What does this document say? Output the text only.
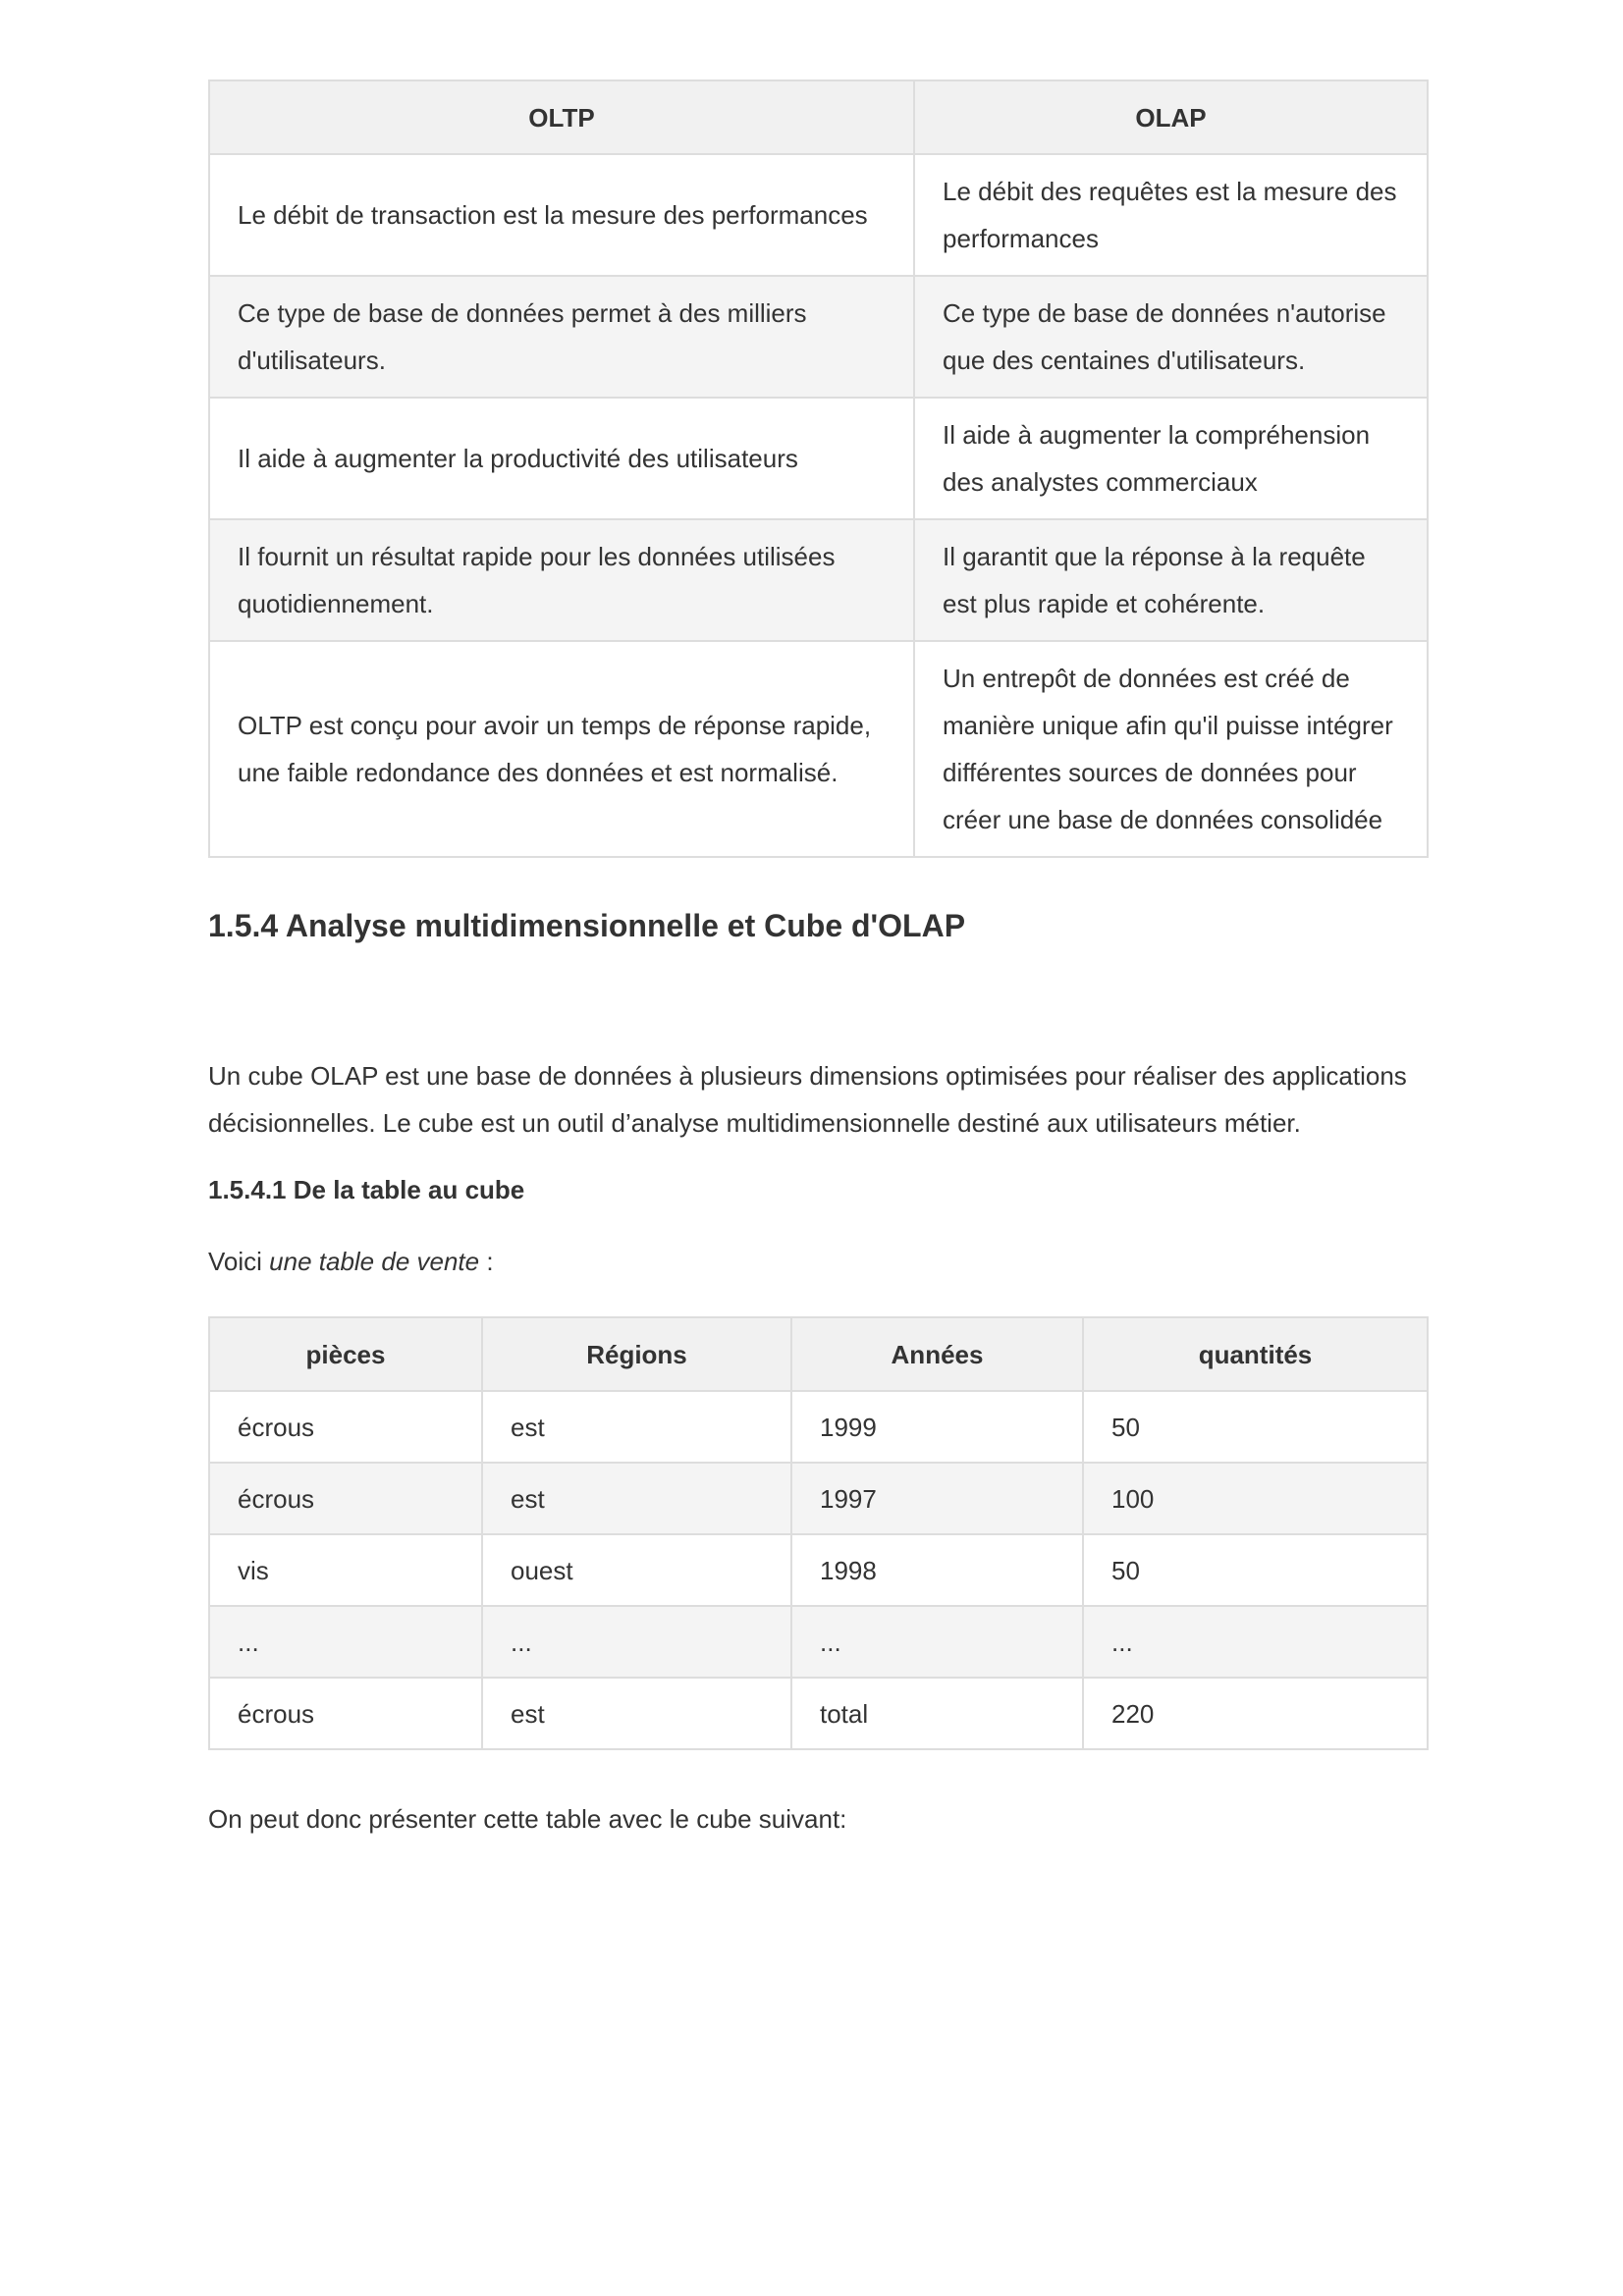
OLTP	OLAP
Le débit de transaction est la mesure des performances	Le débit des requêtes est la mesure des performances
Ce type de base de données permet à des milliers d'utilisateurs.	Ce type de base de données n'autorise que des centaines d'utilisateurs.
Il aide à augmenter la productivité des utilisateurs	Il aide à augmenter la compréhension des analystes commerciaux
Il fournit un résultat rapide pour les données utilisées quotidiennement.	Il garantit que la réponse à la requête est plus rapide et cohérente.
OLTP est conçu pour avoir un temps de réponse rapide, une faible redondance des données et est normalisé.	Un entrepôt de données est créé de manière unique afin qu'il puisse intégrer différentes sources de données pour créer une base de données consolidée
1.5.4 Analyse multidimensionnelle et Cube d'OLAP

Un cube OLAP est une base de données à plusieurs dimensions optimisées pour réaliser des applications décisionnelles. Le cube est un outil d’analyse multidimensionnelle destiné aux utilisateurs métier.

1.5.4.1 De la table au cube

Voici une table de vente :

pièces	Régions	Années	quantités
écrous	est	1999	50
écrous	est	1997	100
vis	ouest	1998	50
...	...	...	...
écrous	est	total	220

On peut donc présenter cette table avec le cube suivant:
